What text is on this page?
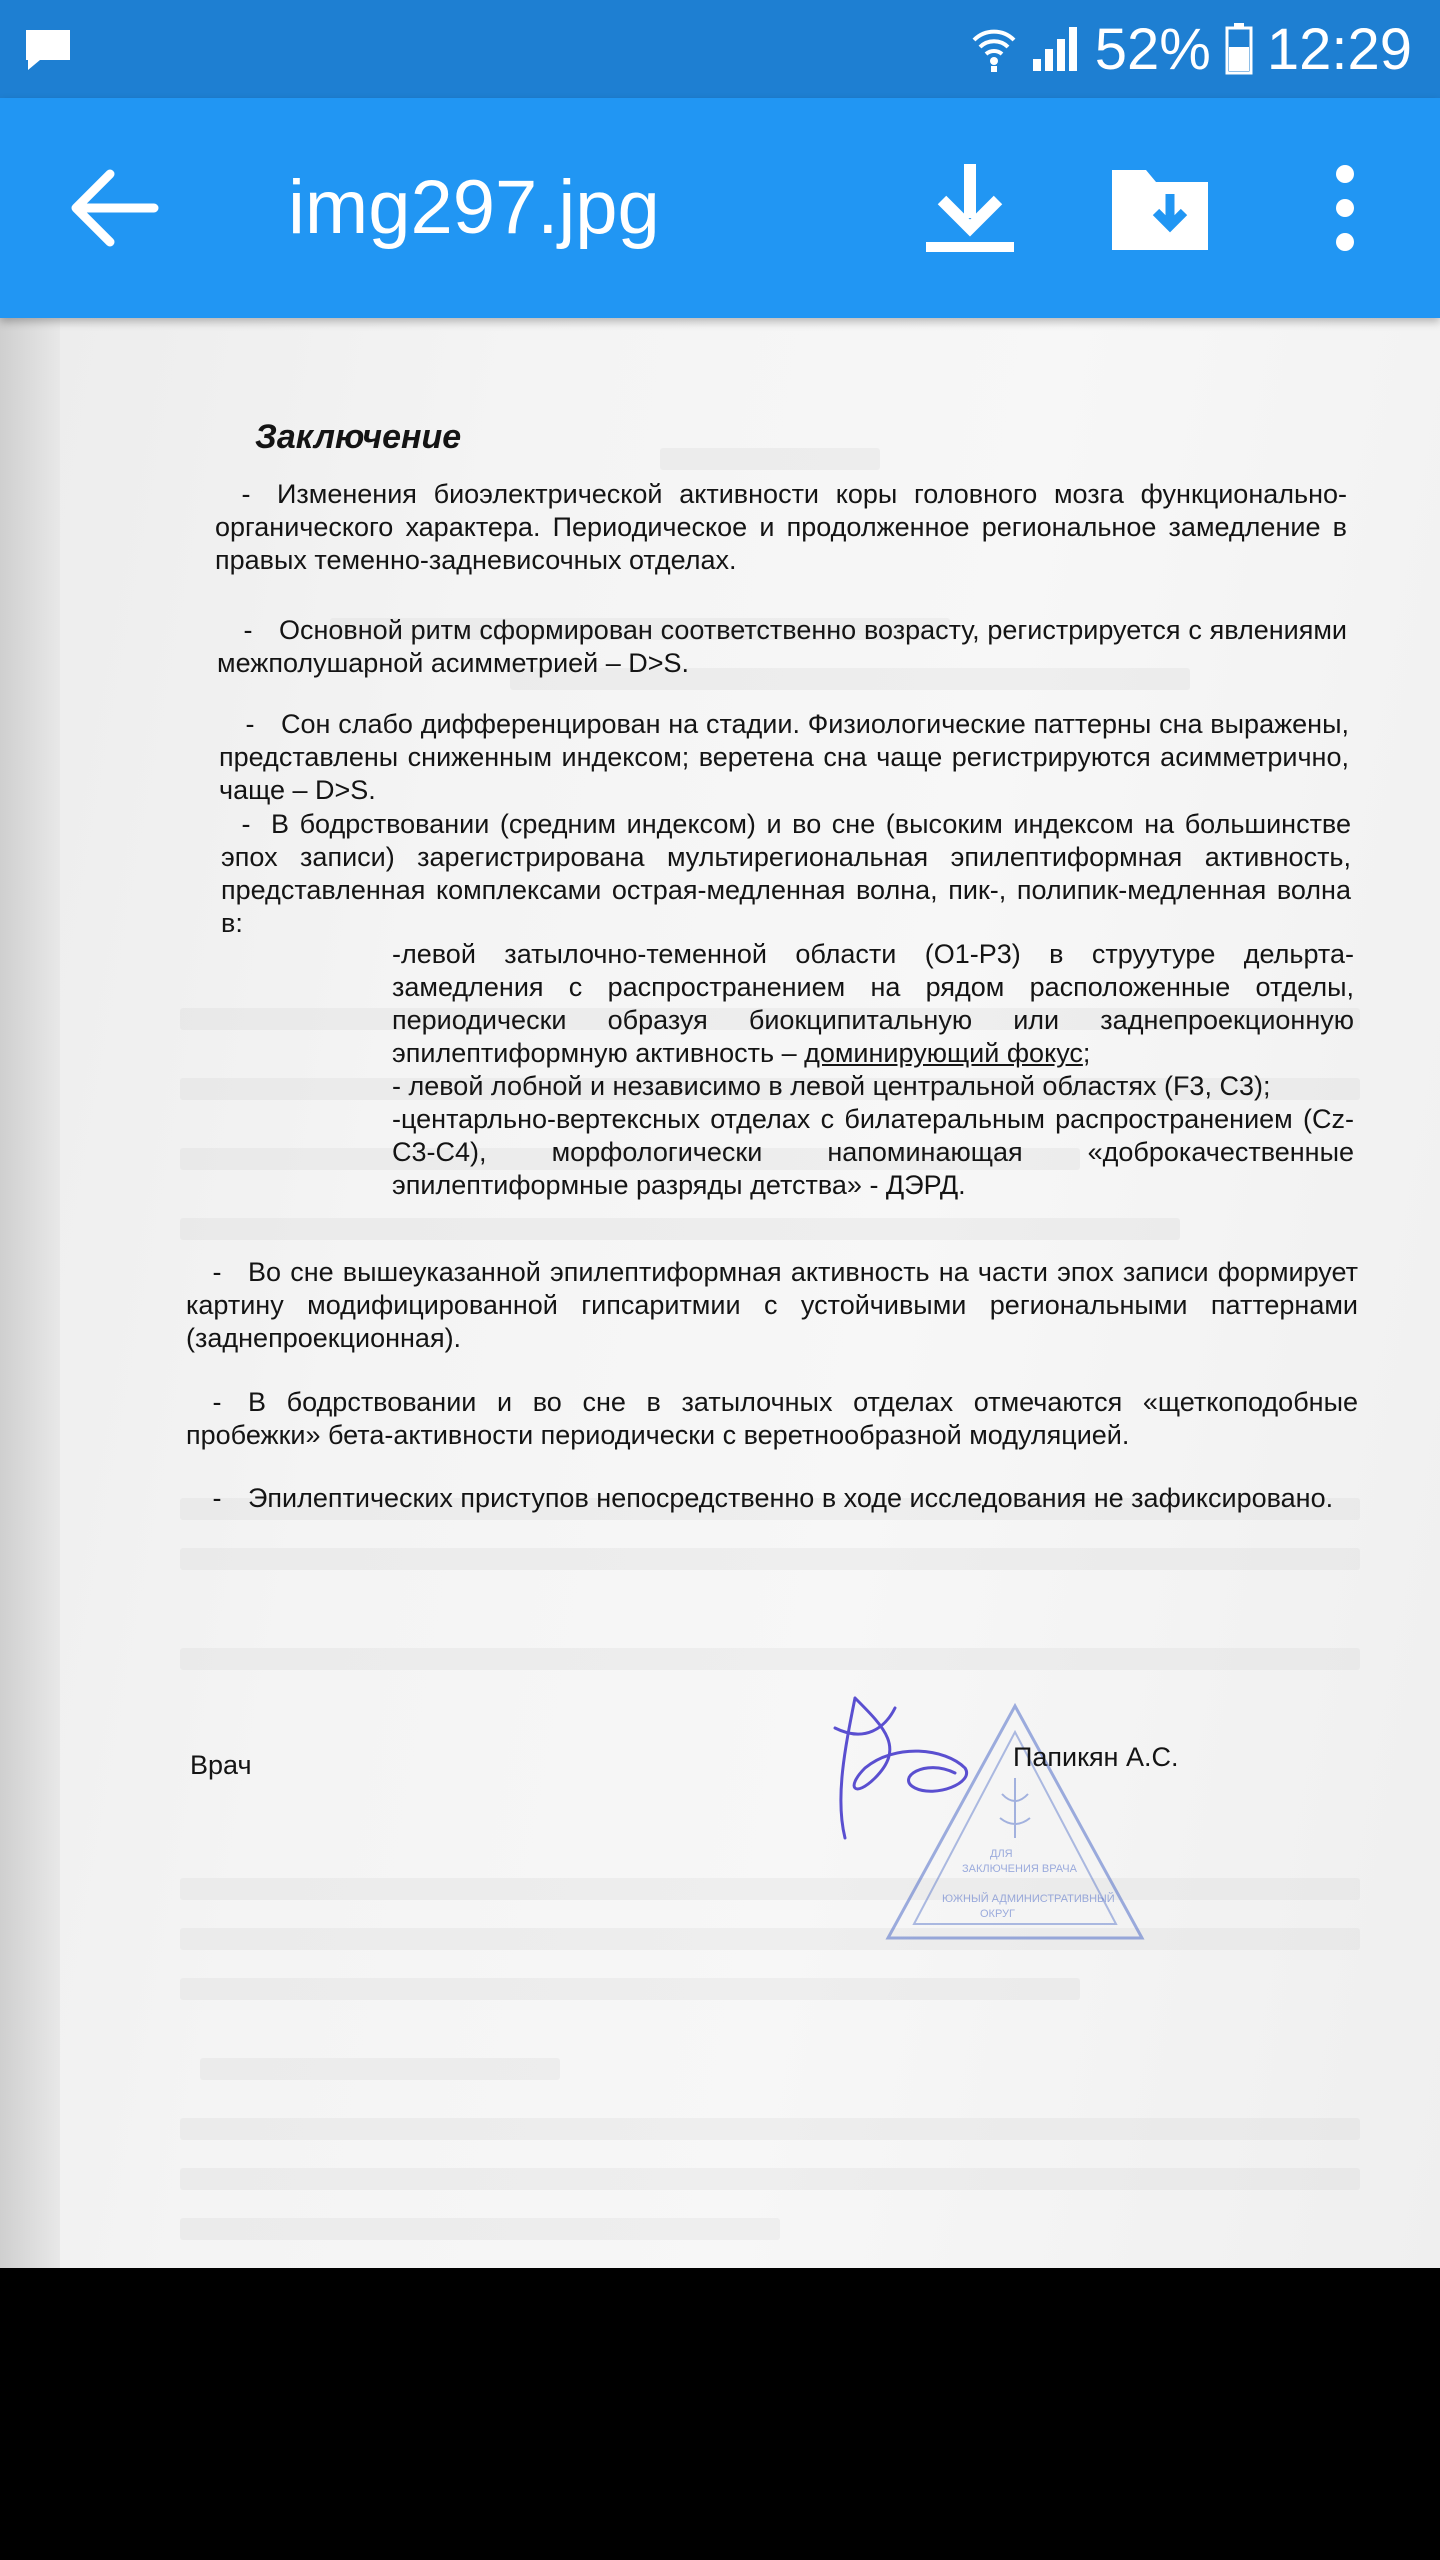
52% 12:29
img297.jpg
Заключение

- Изменения биоэлектрической активности коры головного мозга функционально-органического характера. Периодическое и продолженное региональное замедление в правых теменно-задневисочных отделах.

- Основной ритм сформирован соответственно возрасту, регистрируется с явлениями межполушарной асимметрией – D>S.

- Сон слабо дифференцирован на стадии. Физиологические паттерны сна выражены, представлены сниженным индексом; веретена сна чаще регистрируются асимметрично, чаще – D>S.

- В бодрствовании (средним индексом) и во сне (высоким индексом на большинстве эпох записи) зарегистрирована мультирегиональная эпилептиформная активность, представленная комплексами острая-медленная волна, пик-, полипик-медленная волна в:

-левой затылочно-теменной области (О1-Р3) в струутуре дельрта-замедления с распространением на рядом расположенные отделы, периодически образуя биокципитальную или заднепроекционную эпилептиформную активность – доминирующий фокус;
- левой лобной и независимо в левой центральной областях (F3, C3);
-центарльно-вертексных отделах с билатеральным распространением (Cz-C3-C4), морфологически напоминающая «доброкачественные эпилептиформные разряды детства» - ДЭРД.

- Во сне вышеуказанной эпилептиформная активность на части эпох записи формирует картину модифицированной гипсаритмии с устойчивыми региональными паттернами (заднепроекционная).

- В бодрствовании и во сне в затылочных отделах отмечаются «щеткоподобные пробежки» бета-активности периодически с веретнообразной модуляцией.

- Эпилептических приступов непосредственно в ходе исследования не зафиксировано.

Врач
ДЛЯ
ЗАКЛЮЧЕНИЯ ВРАЧА
ЮЖНЫЙ АДМИНИСТРАТИВНЫЙ
ОКРУГ
Папикян А.С.
